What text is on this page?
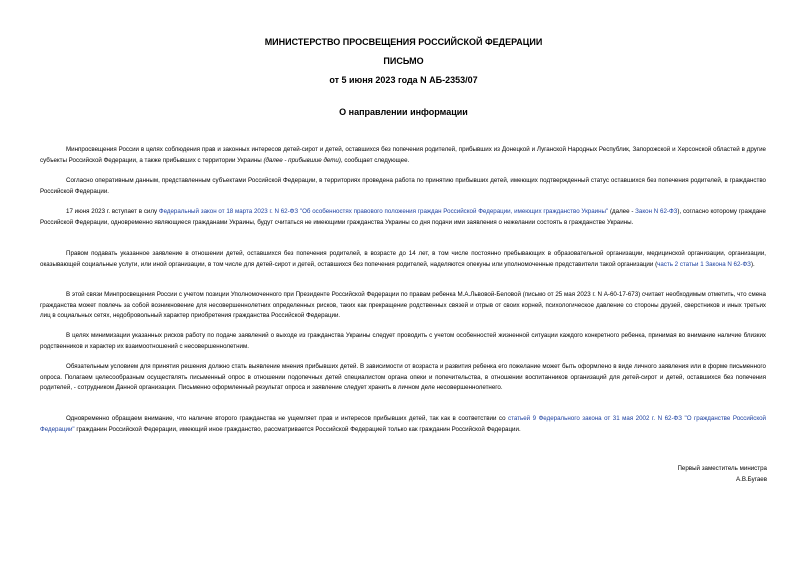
МИНИСТЕРСТВО ПРОСВЕЩЕНИЯ РОССИЙСКОЙ ФЕДЕРАЦИИ
ПИСЬМО
от 5 июня 2023 года N АБ-2353/07
О направлении информации

Минпросвещения России в целях соблюдения прав и законных интересов детей-сирот и детей, оставшихся без попечения родителей, прибывших из Донецкой и Луганской Народных Республик, Запорожской и Херсонской областей в другие субъекты Российской Федерации, а также прибывших с территории Украины (далее - прибывшие дети), сообщает следующее.

Согласно оперативным данным, представленным субъектами Российской Федерации, в территориях проведена работа по принятию прибывших детей, имеющих подтвержденный статус оставшихся без попечения родителей, в гражданство Российской Федерации.

17 июня 2023 г. вступает в силу Федеральный закон от 18 марта 2023 г. N 62-ФЗ "Об особенностях правового положения граждан Российской Федерации, имеющих гражданство Украины" (далее - Закон N 62-ФЗ), согласно которому граждане Российской Федерации, одновременно являющиеся гражданами Украины, будут считаться не имеющими гражданства Украины со дня подачи ими заявления о нежелании состоять в гражданстве Украины.

Правом подавать указанное заявление в отношении детей, оставшихся без попечения родителей, в возрасте до 14 лет, в том числе постоянно пребывающих в образовательной организации, медицинской организации, организации, оказывающей социальные услуги, или иной организации, в том числе для детей-сирот и детей, оставшихся без попечения родителей, наделяются опекуны или уполномоченные представители такой организации (часть 2 статьи 1 Закона N 62-ФЗ).

В этой связи Минпросвещения России с учетом позиции Уполномоченного при Президенте Российской Федерации по правам ребенка М.А.Львовой-Беловой (письмо от 25 мая 2023 г. N А-60-17-673) считает необходимым отметить, что смена гражданства может повлечь за собой возникновение для несовершеннолетних определенных рисков, таких как прекращение родственных связей и отрыв от своих корней, психологическое давление со стороны друзей, сверстников и иных третьих лиц в социальных сетях, недобровольный характер приобретения гражданства Российской Федерации.

В целях минимизации указанных рисков работу по подаче заявлений о выходе из гражданства Украины следует проводить с учетом особенностей жизненной ситуации каждого конкретного ребенка, принимая во внимание наличие близких родственников и характер их взаимоотношений с несовершеннолетним.

Обязательным условием для принятия решения должно стать выявление мнения прибывших детей. В зависимости от возраста и развития ребенка его пожелание может быть оформлено в виде личного заявления или в форме письменного опроса. Полагаем целесообразным осуществлять письменный опрос в отношении подопечных детей специалистом органа опеки и попечительства, в отношении воспитанников организаций для детей-сирот и детей, оставшихся без попечения родителей, - сотрудником Данной организации. Письменно оформленный результат опроса и заявление следует хранить в личном деле несовершеннолетнего.

Одновременно обращаем внимание, что наличие второго гражданства не ущемляет прав и интересов прибывших детей, так как в соответствии со статьей 9 Федерального закона от 31 мая 2002 г. N 62-ФЗ "О гражданстве Российской Федерации" гражданин Российской Федерации, имеющий иное гражданство, рассматривается Российской Федерацией только как гражданин Российской Федерации.

Первый заместитель министра
А.В.Бугаев
